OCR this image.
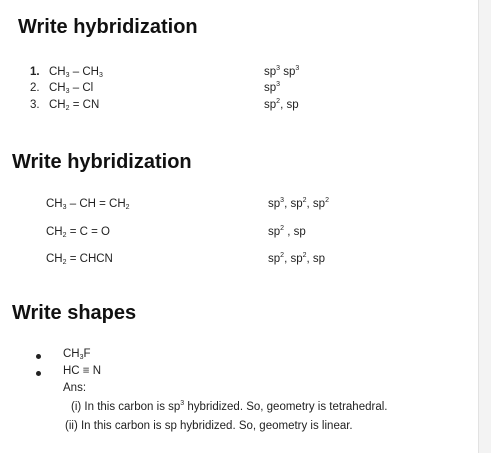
Write hybridization
1. $CH_3 - CH_3$	$sp^3$ $sp^3$
2. $CH_3$ – Cl	$sp^3$
3. $CH_2$ = CN	$sp^2$, sp
Write hybridization
$CH_3$ – CH = $CH_2$	$sp^3$, $sp^2$, $sp^2$
$CH_2 = C = O$	$sp^2$ , sp
$CH_2$ = CHCN	$sp^2$, $sp^2$, sp
Write shapes
$CH_3F$
HC ≡ N
Ans:
(i) In this carbon is $sp^3$ hybridized. So, geometry is tetrahedral.
(ii) In this carbon is sp hybridized. So, geometry is linear.
